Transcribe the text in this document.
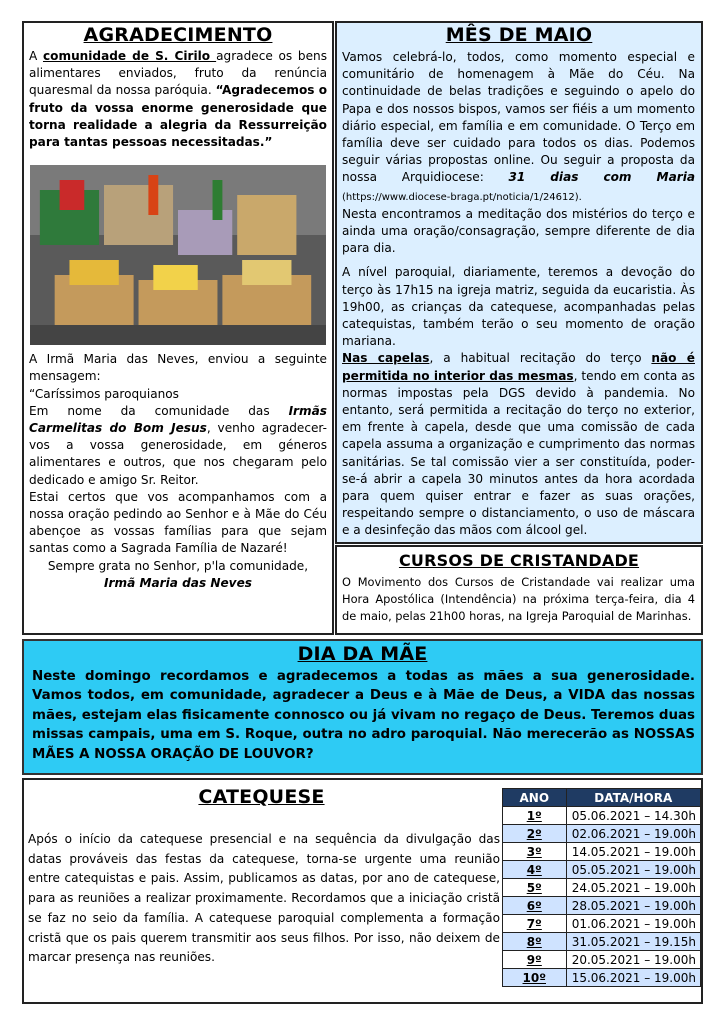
AGRADECIMENTO

A comunidade de S. Cirilo agradece os bens alimentares enviados, fruto da renúncia quaresmal da nossa paróquia. “Agradecemos o fruto da vossa enorme generosidade que torna realidade a alegria da Ressurreição para tantas pessoas necessitadas.”

A Irmã Maria das Neves, enviou a seguinte mensagem:

“Caríssimos paroquianos

Em nome da comunidade das Irmãs Carmelitas do Bom Jesus, venho agradecer-vos a vossa generosidade, em géneros alimentares e outros, que nos chegaram pelo dedicado e amigo Sr. Reitor.

Estai certos que vos acompanhamos com a nossa oração pedindo ao Senhor e à Mãe do Céu abençoe as vossas famílias para que sejam santas como a Sagrada Família de Nazaré!

Sempre grata no Senhor, p'la comunidade,

Irmã Maria das Neves

MÊS DE MAIO

Vamos celebrá-lo, todos, como momento especial e comunitário de homenagem à Mãe do Céu. Na continuidade de belas tradições e seguindo o apelo do Papa e dos nossos bispos, vamos ser fiéis a um momento diário especial, em família e em comunidade. O Terço em família deve ser cuidado para todos os dias. Podemos seguir várias propostas online. Ou seguir a proposta da nossa Arquidiocese: 31 dias com Maria (https://www.diocese-braga.pt/noticia/1/24612).

Nesta encontramos a meditação dos mistérios do terço e ainda uma oração/consagração, sempre diferente de dia para dia.

A nível paroquial, diariamente, teremos a devoção do terço às 17h15 na igreja matriz, seguida da eucaristia. Às 19h00, as crianças da catequese, acompanhadas pelas catequistas, também terão o seu momento de oração mariana.

Nas capelas, a habitual recitação do terço não é permitida no interior das mesmas, tendo em conta as normas impostas pela DGS devido à pandemia. No entanto, será permitida a recitação do terço no exterior, em frente à capela, desde que uma comissão de cada capela assuma a organização e cumprimento das normas sanitárias. Se tal comissão vier a ser constituída, poder-se-á abrir a capela 30 minutos antes da hora acordada para quem quiser entrar e fazer as suas orações, respeitando sempre o distanciamento, o uso de máscara e a desinfeção das mãos com álcool gel.

CURSOS DE CRISTANDADE
O Movimento dos Cursos de Cristandade vai realizar uma Hora Apostólica (Intendência) na próxima terça-feira, dia 4 de maio, pelas 21h00 horas, na Igreja Paroquial de Marinhas.
DIA DA MÃE
Neste domingo recordamos e agradecemos a todas as mães a sua generosidade. Vamos todos, em comunidade, agradecer a Deus e à Mãe de Deus, a VIDA das nossas mães, estejam elas fisicamente connosco ou já vivam no regaço de Deus. Teremos duas missas campais, uma em S. Roque, outra no adro paroquial. Não merecerão as NOSSAS MÃES A NOSSA ORAÇÃO DE LOUVOR?
CATEQUESE
Após o início da catequese presencial e na sequência da divulgação das datas prováveis das festas da catequese, torna-se urgente uma reunião entre catequistas e pais. Assim, publicamos as datas, por ano de catequese, para as reuniões a realizar proximamente. Recordamos que a iniciação cristã se faz no seio da família. A catequese paroquial complementa a formação cristã que os pais querem transmitir aos seus filhos. Por isso, não deixem de marcar presença nas reuniões.
ANO	DATA/HORA
1º	05.06.2021 – 14.30h
2º	02.06.2021 – 19.00h
3º	14.05.2021 – 19.00h
4º	05.05.2021 – 19.00h
5º	24.05.2021 – 19.00h
6º	28.05.2021 – 19.00h
7º	01.06.2021 – 19.00h
8º	31.05.2021 – 19.15h
9º	20.05.2021 – 19.00h
10º	15.06.2021 – 19.00h
